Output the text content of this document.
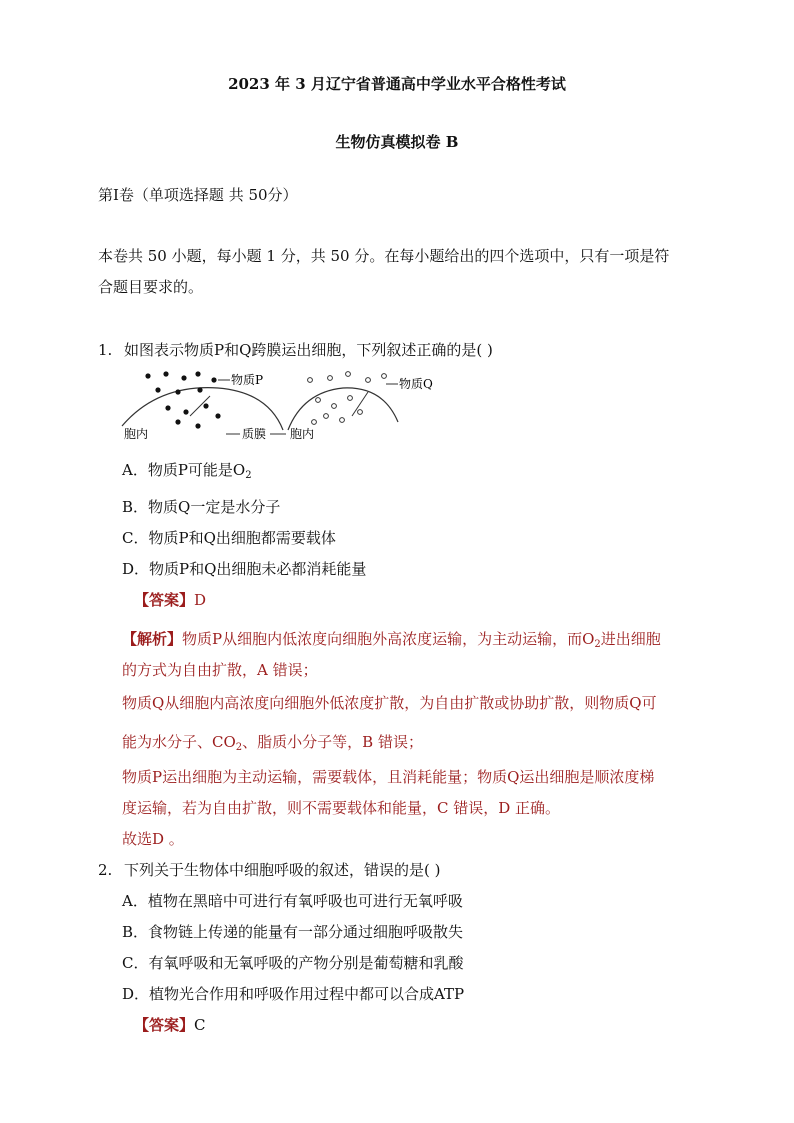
2023 年 3 月辽宁省普通高中学业水平合格性考试
生物仿真模拟卷 B
第Ⅰ卷（单项选择题 共 50分）
本卷共 50 小题，每小题 1 分，共 50 分。在每小题给出的四个选项中，只有一项是符
合题目要求的。
1. 如图表示物质P和Q跨膜运出细胞，下列叙述正确的是( )
物质P	物质Q
胞内	质膜 胞内
A．物质P可能是$O_2$
B．物质Q一定是水分子
C．物质P和Q出细胞都需要载体
D．物质P和Q出细胞未必都消耗能量
【答案】D
【解析】物质P从细胞内低浓度向细胞外高浓度运输，为主动运输，而$O_2$进出细胞
的方式为自由扩散，A 错误；
物质Q从细胞内高浓度向细胞外低浓度扩散，为自由扩散或协助扩散，则物质Q可
能为水分子、$CO_2$、脂质小分子等，B 错误；
物质P运出细胞为主动运输，需要载体，且消耗能量；物质Q运出细胞是顺浓度梯
度运输，若为自由扩散，则不需要载体和能量，C 错误，D 正确。
故选D 。
2. 下列关于生物体中细胞呼吸的叙述，错误的是( )
A．植物在黑暗中可进行有氧呼吸也可进行无氧呼吸
B．食物链上传递的能量有一部分通过细胞呼吸散失
C．有氧呼吸和无氧呼吸的产物分别是葡萄糖和乳酸
D．植物光合作用和呼吸作用过程中都可以合成ATP
【答案】C
